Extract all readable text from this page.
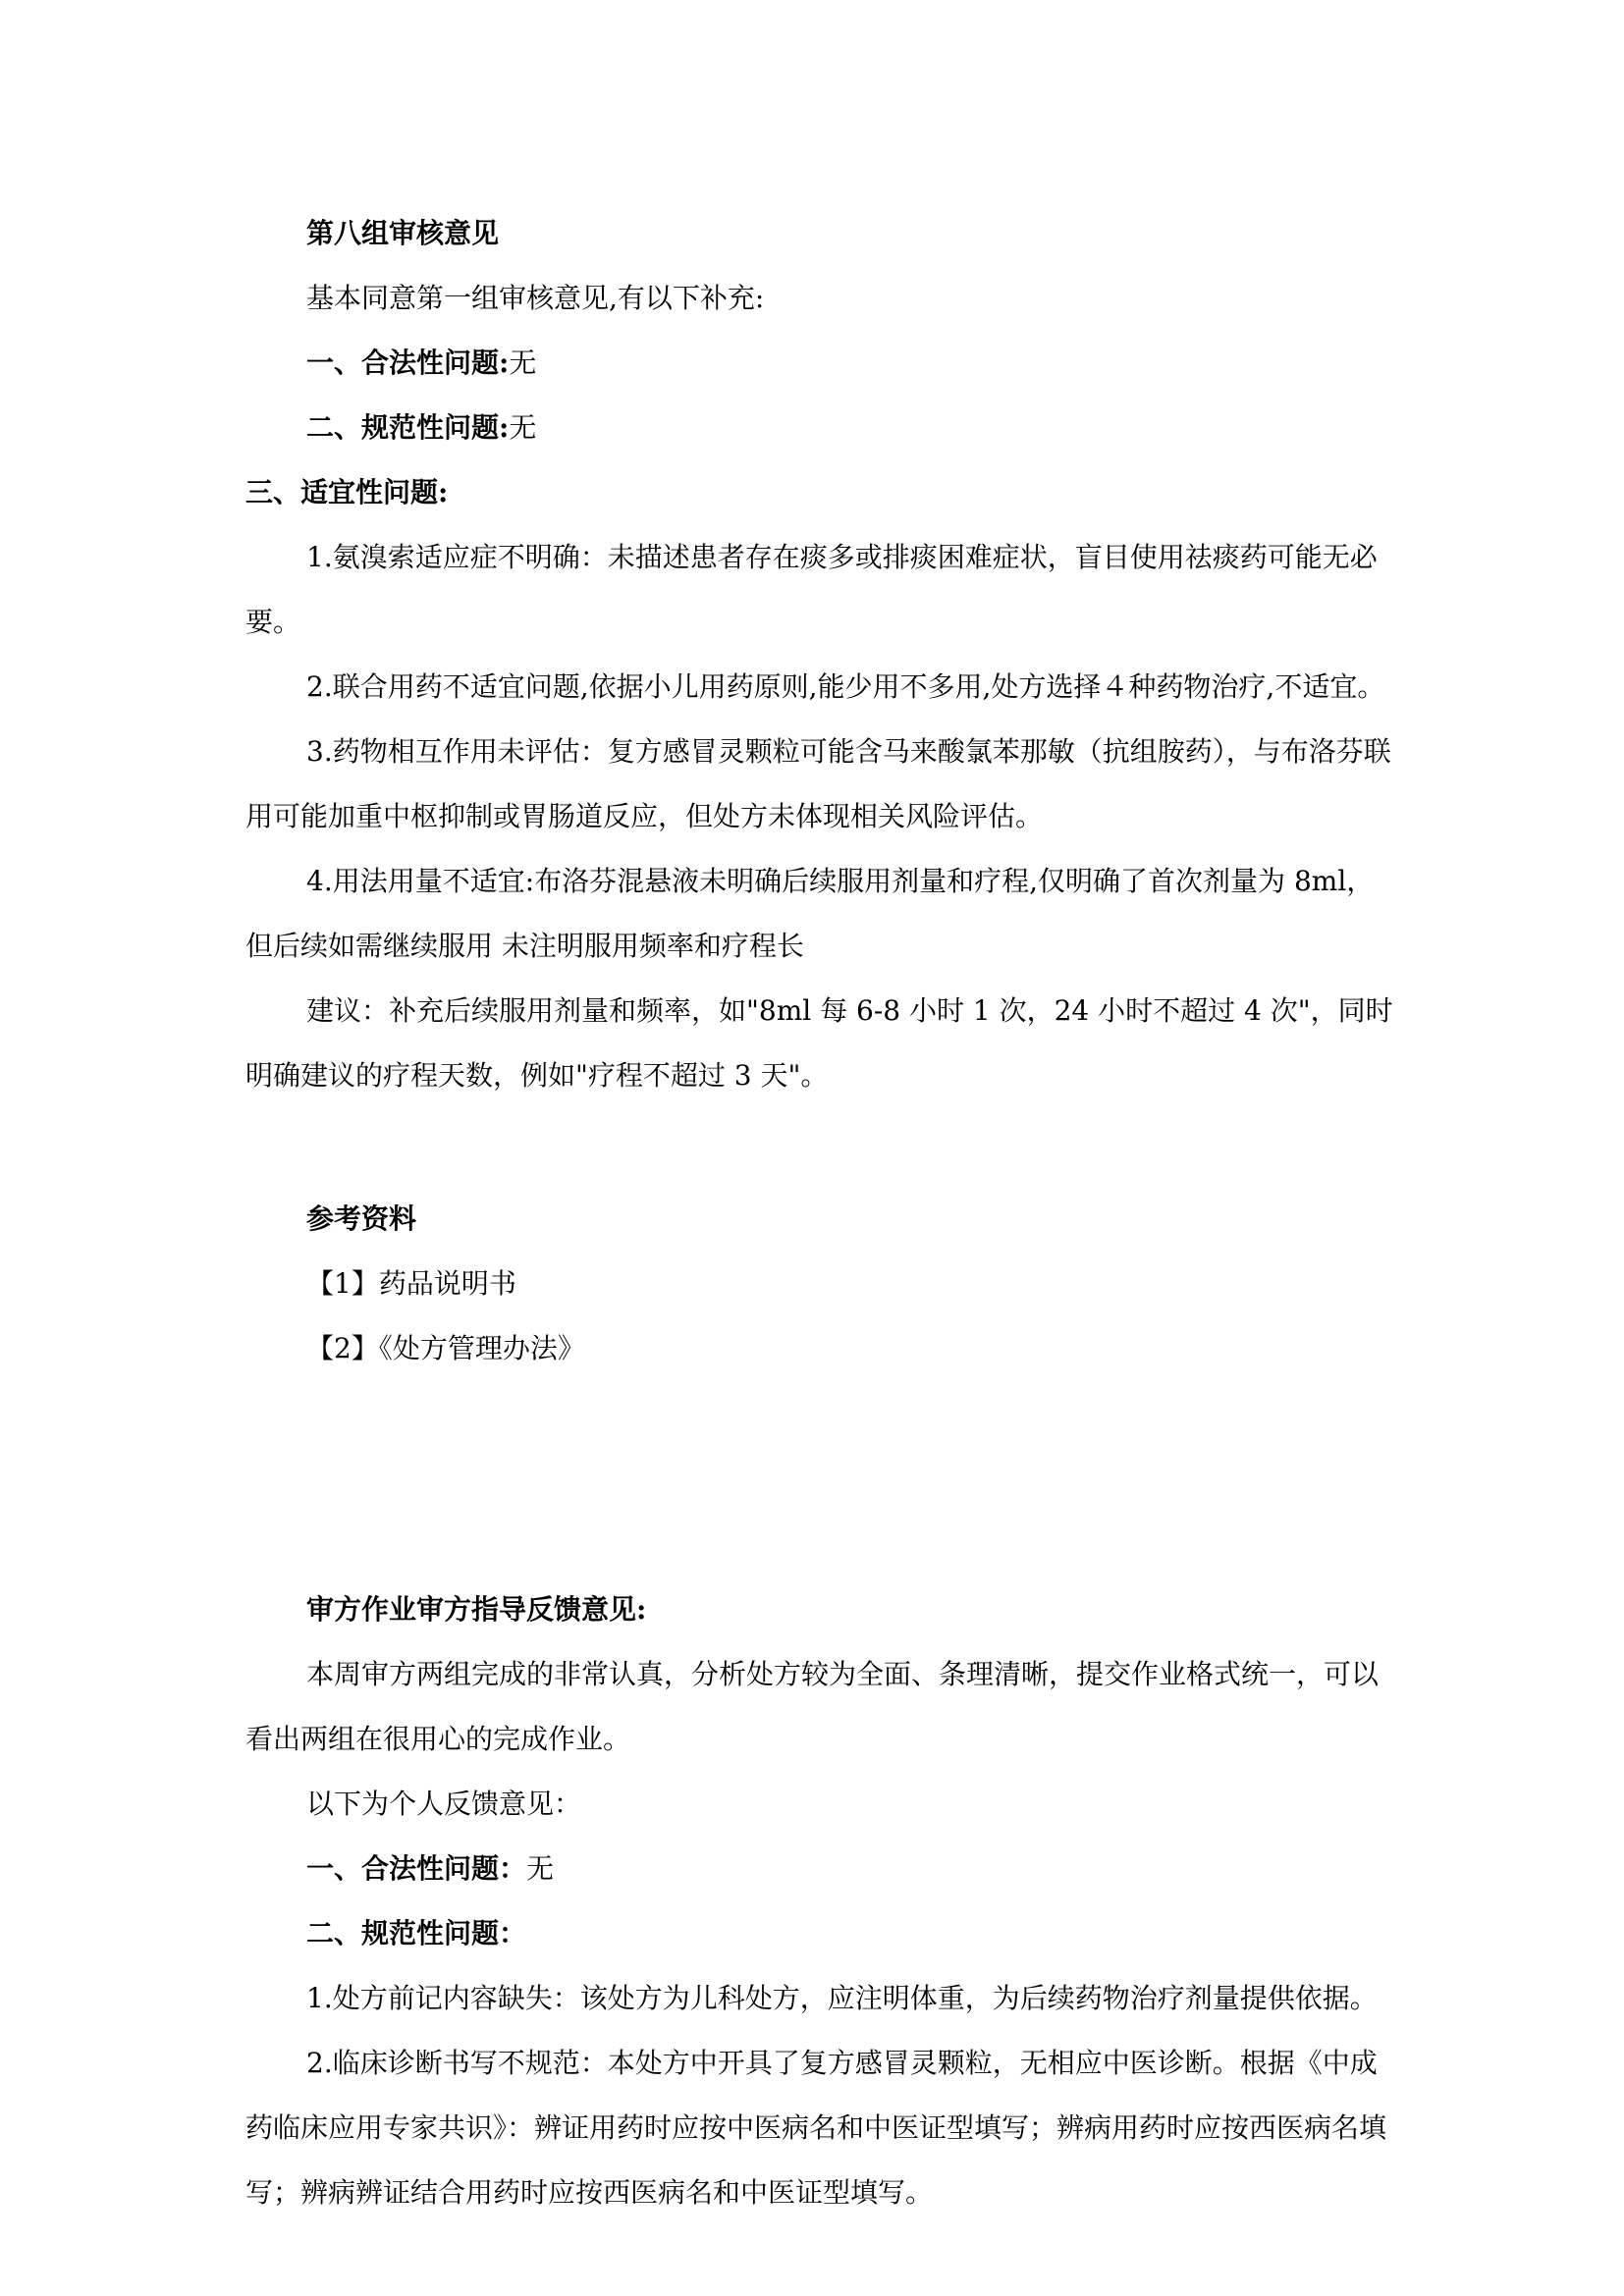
第八组审核意见

基本同意第一组审核意见,有以下补充:

一、合法性问题:无

二、规范性问题:无

三、适宜性问题:

1.氨溴索适应症不明确：未描述患者存在痰多或排痰困难症状，盲目使用祛痰药可能无必要。

2.联合用药不适宜问题,依据小儿用药原则,能少用不多用,处方选择４种药物治疗,不适宜。

3.药物相互作用未评估：复方感冒灵颗粒可能含马来酸氯苯那敏（抗组胺药），与布洛芬联用可能加重中枢抑制或胃肠道反应，但处方未体现相关风险评估。

4.用法用量不适宜:布洛芬混悬液未明确后续服用剂量和疗程,仅明确了首次剂量为 8ml，但后续如需继续服用 未注明服用频率和疗程长

建议：补充后续服用剂量和频率，如"8ml 每 6-8 小时 1 次，24 小时不超过 4 次"，同时明确建议的疗程天数，例如"疗程不超过 3 天"。

参考资料

【1】药品说明书

【2】《处方管理办法》

审方作业审方指导反馈意见:

本周审方两组完成的非常认真，分析处方较为全面、条理清晰，提交作业格式统一，可以看出两组在很用心的完成作业。

以下为个人反馈意见：

一、合法性问题：无

二、规范性问题：

1.处方前记内容缺失：该处方为儿科处方，应注明体重，为后续药物治疗剂量提供依据。

2.临床诊断书写不规范：本处方中开具了复方感冒灵颗粒，无相应中医诊断。根据《中成药临床应用专家共识》：辨证用药时应按中医病名和中医证型填写；辨病用药时应按西医病名填写；辨病辨证结合用药时应按西医病名和中医证型填写。
